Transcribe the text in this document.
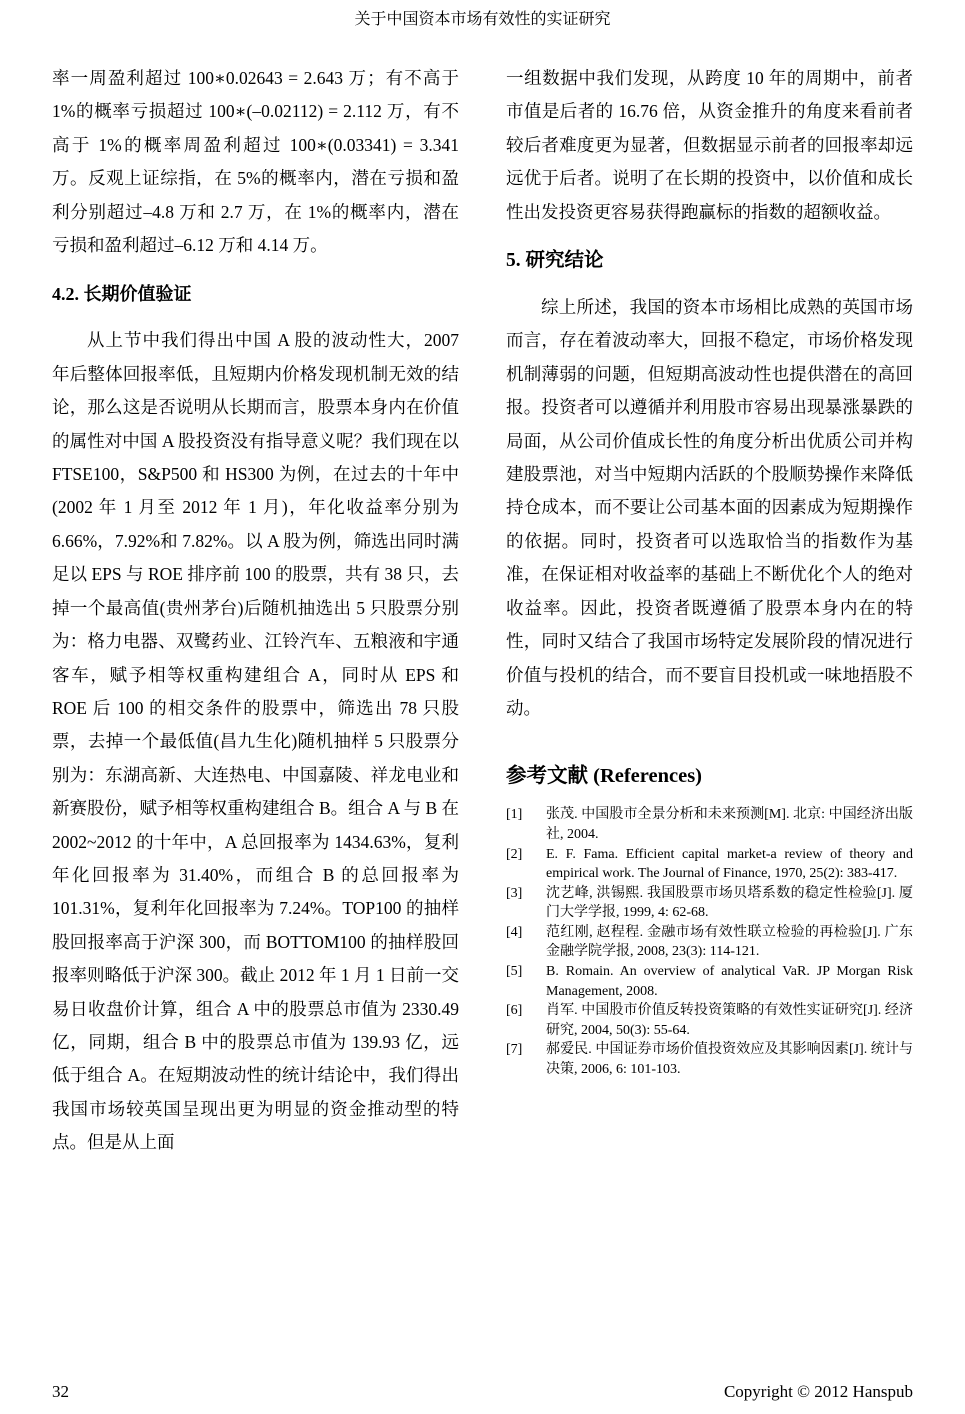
关于中国资本市场有效性的实证研究

率一周盈利超过 100∗0.02643 = 2.643 万；有不高于 1%的概率亏损超过 100∗(–0.02112) = 2.112 万，有不高于 1%的概率周盈利超过 100∗(0.03341) = 3.341 万。反观上证综指，在 5%的概率内，潜在亏损和盈利分别超过–4.8 万和 2.7 万，在 1%的概率内，潜在亏损和盈利超过–6.12 万和 4.14 万。

4.2. 长期价值验证

从上节中我们得出中国 A 股的波动性大，2007 年后整体回报率低，且短期内价格发现机制无效的结论，那么这是否说明从长期而言，股票本身内在价值的属性对中国 A 股投资没有指导意义呢？我们现在以 FTSE100，S&P500 和 HS300 为例，在过去的十年中(2002 年 1 月至 2012 年 1 月)，年化收益率分别为 6.66%，7.92%和 7.82%。以 A 股为例，筛选出同时满足以 EPS 与 ROE 排序前 100 的股票，共有 38 只，去掉一个最高值(贵州茅台)后随机抽选出 5 只股票分别为：格力电器、双鹭药业、江铃汽车、五粮液和宇通客车，赋予相等权重构建组合 A，同时从 EPS 和 ROE 后 100 的相交条件的股票中，筛选出 78 只股票，去掉一个最低值(昌九生化)随机抽样 5 只股票分别为：东湖高新、大连热电、中国嘉陵、祥龙电业和新赛股份，赋予相等权重构建组合 B。组合 A 与 B 在 2002~2012 的十年中，A 总回报率为 1434.63%，复利年化回报率为 31.40%，而组合 B 的总回报率为 101.31%，复利年化回报率为 7.24%。TOP100 的抽样股回报率高于沪深 300，而 BOTTOM100 的抽样股回报率则略低于沪深 300。截止 2012 年 1 月 1 日前一交易日收盘价计算，组合 A 中的股票总市值为 2330.49 亿，同期，组合 B 中的股票总市值为 139.93 亿，远低于组合 A。在短期波动性的统计结论中，我们得出我国市场较英国呈现出更为明显的资金推动型的特点。但是从上面

一组数据中我们发现，从跨度 10 年的周期中，前者市值是后者的 16.76 倍，从资金推升的角度来看前者较后者难度更为显著，但数据显示前者的回报率却远远优于后者。说明了在长期的投资中，以价值和成长性出发投资更容易获得跑赢标的指数的超额收益。

5. 研究结论

综上所述，我国的资本市场相比成熟的英国市场而言，存在着波动率大，回报不稳定，市场价格发现机制薄弱的问题，但短期高波动性也提供潜在的高回报。投资者可以遵循并利用股市容易出现暴涨暴跌的局面，从公司价值成长性的角度分析出优质公司并构建股票池，对当中短期内活跃的个股顺势操作来降低持仓成本，而不要让公司基本面的因素成为短期操作的依据。同时，投资者可以选取恰当的指数作为基准，在保证相对收益率的基础上不断优化个人的绝对收益率。因此，投资者既遵循了股票本身内在的特性，同时又结合了我国市场特定发展阶段的情况进行价值与投机的结合，而不要盲目投机或一味地捂股不动。

参考文献 (References)
[1]	张茂. 中国股市全景分析和未来预测[M]. 北京: 中国经济出版社, 2004.
[2]	E. F. Fama. Efficient capital market-a review of theory and empirical work. The Journal of Finance, 1970, 25(2): 383-417.
[3]	沈艺峰, 洪锡熙. 我国股票市场贝塔系数的稳定性检验[J]. 厦门大学学报, 1999, 4: 62-68.
[4]	范红刚, 赵程程. 金融市场有效性联立检验的再检验[J]. 广东金融学院学报, 2008, 23(3): 114-121.
[5]	B. Romain. An overview of analytical VaR. JP Morgan Risk Management, 2008.
[6]	肖军. 中国股市价值反转投资策略的有效性实证研究[J]. 经济研究, 2004, 50(3): 55-64.
[7]	郝爱民. 中国证券市场价值投资效应及其影响因素[J]. 统计与决策, 2006, 6: 101-103.
32	Copyright © 2012 Hanspub
